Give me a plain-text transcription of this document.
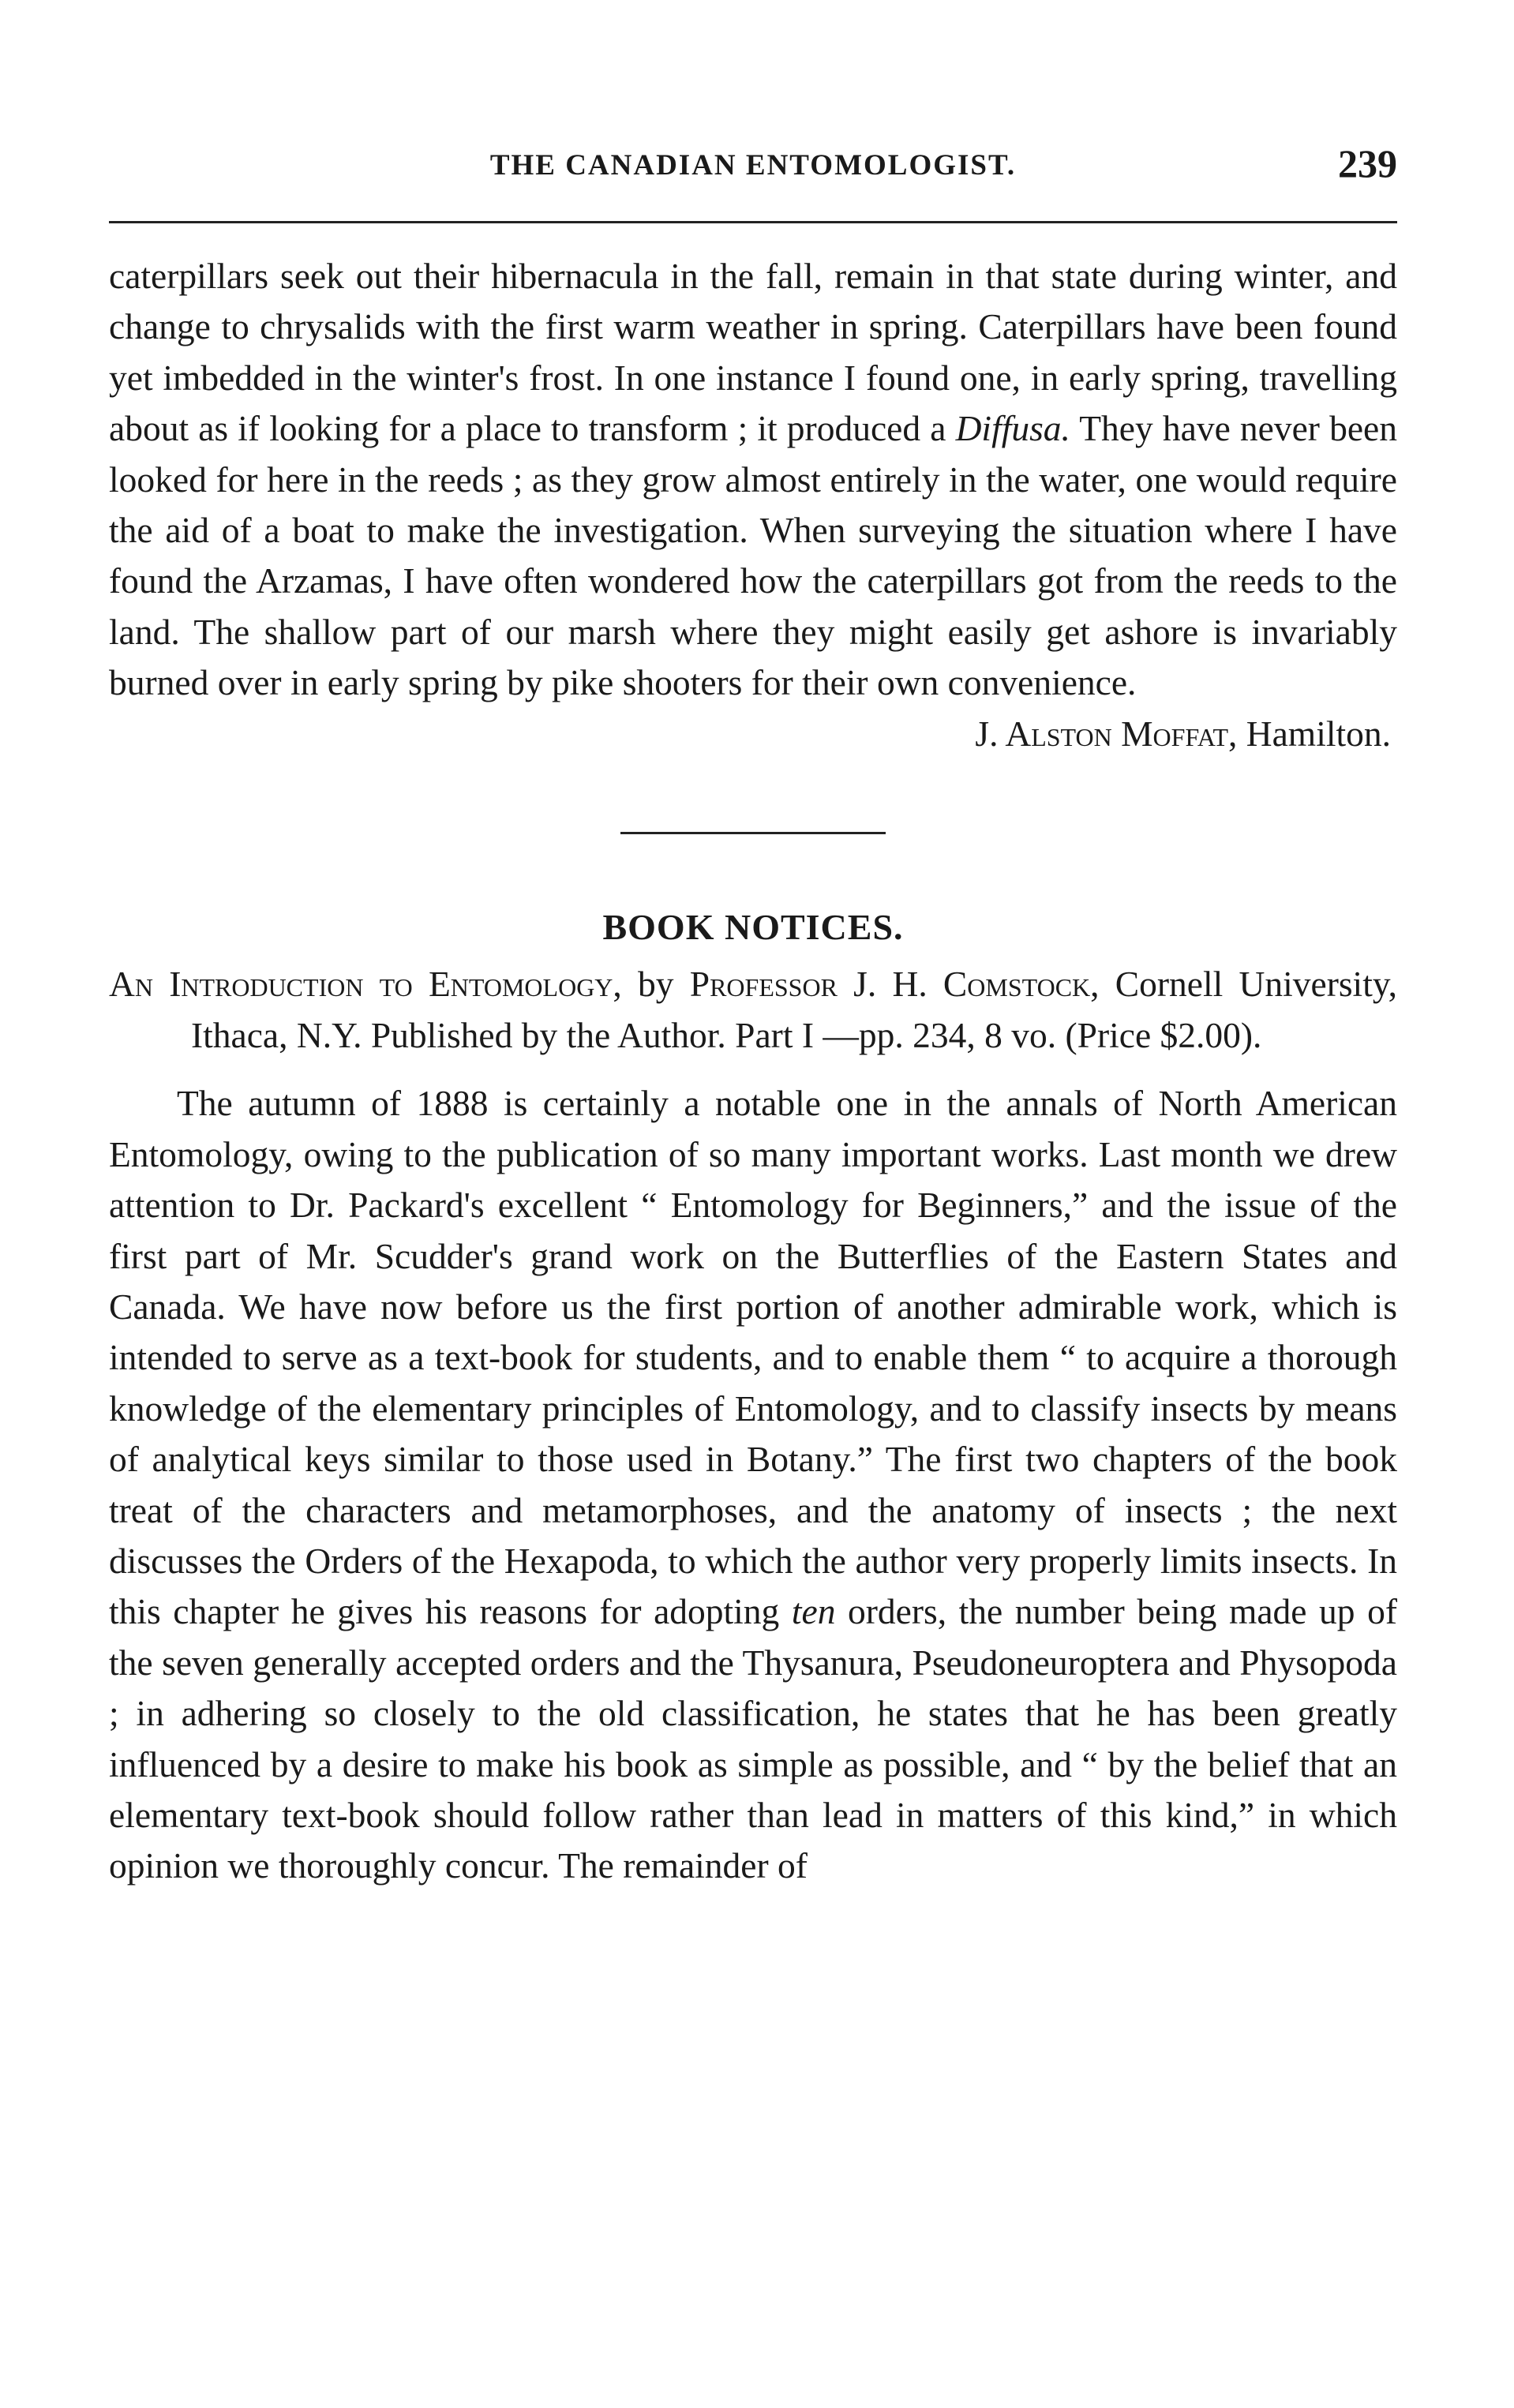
THE CANADIAN ENTOMOLOGIST.	239

caterpillars seek out their hibernacula in the fall, remain in that state during winter, and change to chrysalids with the first warm weather in spring. Caterpillars have been found yet imbedded in the winter's frost. In one instance I found one, in early spring, travelling about as if looking for a place to transform ; it produced a Diffusa. They have never been looked for here in the reeds ; as they grow almost entirely in the water, one would require the aid of a boat to make the investigation. When surveying the situation where I have found the Arzamas, I have often wondered how the caterpillars got from the reeds to the land. The shallow part of our marsh where they might easily get ashore is invariably burned over in early spring by pike shooters for their own convenience.

J. Alston Moffat, Hamilton.

BOOK NOTICES.

An Introduction to Entomology, by Professor J. H. Comstock, Cornell University, Ithaca, N.Y. Published by the Author. Part I —pp. 234, 8 vo. (Price $2.00).

The autumn of 1888 is certainly a notable one in the annals of North American Entomology, owing to the publication of so many important works. Last month we drew attention to Dr. Packard's excellent “ Entomology for Beginners,” and the issue of the first part of Mr. Scudder's grand work on the Butterflies of the Eastern States and Canada. We have now before us the first portion of another admirable work, which is intended to serve as a text-book for students, and to enable them “ to acquire a thorough knowledge of the elementary principles of Entomology, and to classify insects by means of analytical keys similar to those used in Botany.” The first two chapters of the book treat of the characters and metamorphoses, and the anatomy of insects ; the next discusses the Orders of the Hexapoda, to which the author very properly limits insects. In this chapter he gives his reasons for adopting ten orders, the number being made up of the seven generally accepted orders and the Thysanura, Pseudoneuroptera and Physopoda ; in adhering so closely to the old classification, he states that he has been greatly influenced by a desire to make his book as simple as possible, and “ by the belief that an elementary text-book should follow rather than lead in matters of this kind,” in which opinion we thoroughly concur. The remainder of
